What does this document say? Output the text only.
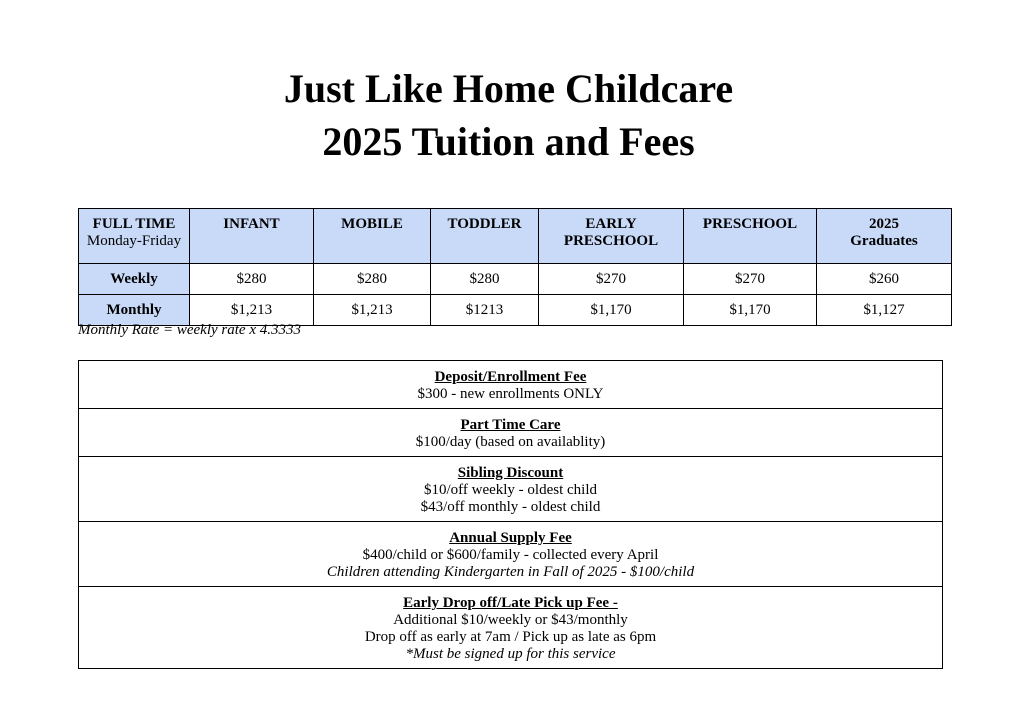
Just Like Home Childcare
2025 Tuition and Fees
FULL TIME
Monday-Friday	INFANT	MOBILE	TODDLER	EARLY PRESCHOOL	PRESCHOOL	2025 Graduates
Weekly	$280	$280	$280	$270	$270	$260
Monthly	$1,213	$1,213	$1213	$1,170	$1,170	$1,127
Monthly Rate = weekly rate x 4.3333
Deposit/Enrollment Fee
$300 - new enrollments ONLY

Part Time Care
$100/day (based on availablity)

Sibling Discount
$10/off weekly - oldest child
$43/off monthly - oldest child

Annual Supply Fee
$400/child or $600/family - collected every April
Children attending Kindergarten in Fall of 2025 - $100/child

Early Drop off/Late Pick up Fee -
Additional $10/weekly or $43/monthly
Drop off as early at 7am / Pick up as late as 6pm
*Must be signed up for this service
